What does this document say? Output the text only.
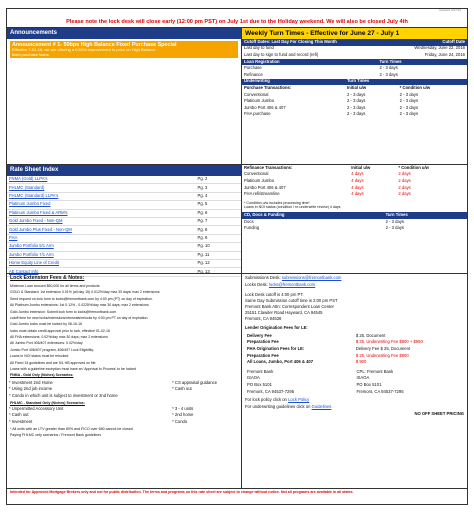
Updated 6/27/16
Please note the lock desk will close early (12:00 pm PST) on July 1st due to the Holiday weekend. We will also be closed July 4th
Announcements
Announcement # 1- 50bps High Balance Fixed Purchase Special
Effective 7-01-16, we are offering a 0.50% improvement to price on High Balance
fixed purchase loans.
Weekly Turn Times - Effective for June 27 - July 1
Cutoff Dates: Last Day For Closing This Month	Cutoff Date
Last day to fund	Wednesday, June 22, 2016
Last day to sign to fund and record (refi)	Friday, June 24, 2016
Loan Registration	Turn Times
Purchase	2 - 3 days
Refinance	2 - 3 days
Underwriting	Turn Times	
Purchase Transactions:	Initial u/w	* Condition u/w
Conventional	2 - 3 days	2 - 3 days
Platinum Jumbo	2 - 3 days	2 - 3 days
Jumbo Port 406 & 407	2 - 3 days	2 - 3 days
FHA purchase	2 - 3 days	2 - 3 days
Rate Sheet Index
FNMA (Gold) LLPA's	Pg. 2
FHLMC (Standard)	Pg. 3
FHLMC (Standard) LLPA's	Pg. 4
Platinum Jumbo Fixed	Pg. 5
Platinum Jumbo Fixed & ARM's	Pg. 6
Gold Jumbo Fixed - Non-QM	Pg. 7
Gold Jumbo Plus Fixed - Non-QM	Pg. 8
FHA	Pg. 9
Jumbo Portfolio 5/1 Arm	Pg. 10
Jumbo Portfolio 7/1 Arm	Pg. 11
Home Equity Line of Credit	Pg. 12
AE Contact Info	Pg. 13
Refinance Transactions:	Initial u/w	* Condition u/w
Conventional	4 days	2 days
Platinum Jumbo	4 days	2 days
Jumbo Port 406 & 407	4 days	2 days
FHA refi/streamline	4 days	2 days
* Condition u/w includes processing time!
Loans in NOI status (condition / re-underwrite review) 4 days
CD, Docs & Funding	Turn Times
Docs	2 - 3 days
Funding	2 - 3 days
Lock Extension Fees & Notes:
Minimum Loan amount $50,000 for all terms and products
GOLD & Standard: 1st extension 0.01% (all day 15) 0.012%/day max 30 days/ max 2 extensions
Send request on lock form to locks@fremontbank.com by 4:00 pm (PT) on day of expiration.
All Platinum Jumbo extensions: 1st 0.12% - 0.0225%/day max 30 days; max 2 extensions
Gold Jumbo extension: Submit lock form to locks@fremontbank.com
cutoff time for new locks/extensions/renewals/relocks by 4:00 pm PT on day of expiration.
Gold Jumbo locks must be locked by 08-16-16
locks must obtain credit approval prior to lock, effective 01-02-16
All FHA extensions: 0.02%/day max 30 days; max 2 extensions
All Jumbo Port 406/407 extensions: 0.02%/day
Jumbo Port 406/407 program; 406/407 Lock Eligibility:
Loans in NOI status must be relocked
All Fixed 15 guidelines and are 5/1 HB approved on file.
Loans with a guideline exception must have an 'Approval to Process' to be locked
FNMA - Gold Only (Niches) Scenarios:
* Investment 2nd Home	* CS appraisal guidance
* Using 2nd job income	* Cash out
* Condo in which unit is subject to investment or 2nd home	
FHLMC - Standard Only (Niches) Scenarios:
* Unpermitted Accessory Unit	* 3 - 4 units
* Cash out	* 2nd home
* Investment	* Condo
* All units with an LTV greater than 80% and FICO over 680 cannot be closed
Paying FHLMC only scenarios / Fremont Bank guidelines
Submissions Desk: submissions@fremontbank.com
Locks Desk: locks@fremontbank.com
Lock Desk cutoff is 4:00 pm PT.
Same Day Submission cutoff time is 2:00 pm PST
Fremont Bank Attn: Correspondent Loan Center
25151 Clawiter Road Hayward, CA 94545
Fremont, CA 94536
Lender Origination Fees for LE:
Delivery Fee	$ 25, Document
Preparation Fee	$ 25, Underwriting Fee $800 + $950
FHA Origination Fees for LE:	Delivery Fee $ 25, Document
Preparation Fee	$ 25, Underwriting Fee $800
All Loans, Jumbo, Port 406 & 407	$ 900
Fremont Bank	CPL: Fremont Bank
ISAOA	ISAOA
PO Box 5101	PO Box 5101
Fremont, CA 94537-7295	Fremont, CA 94537-7295
For lock policy click on Lock Policy
For underwriting guidelines click on Guidelines
NO OFF SHEET PRICING
Intended for Approved Mortgage Brokers only and not for public distribution. The terms and programs on this rate sheet are subject to change without notice. Not all programs are available in all states.
